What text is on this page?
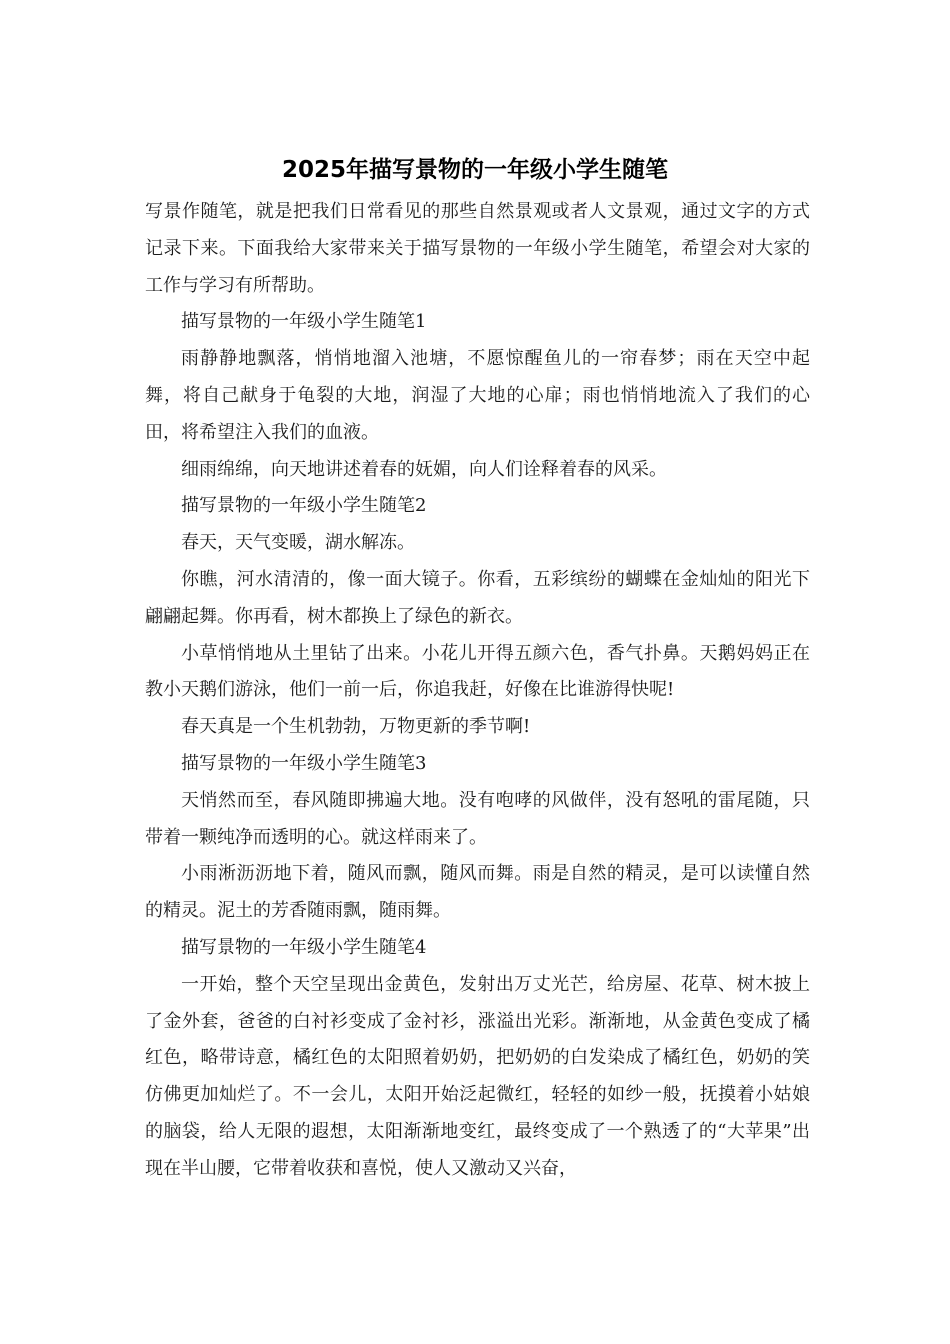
2025年描写景物的一年级小学生随笔

写景作随笔，就是把我们日常看见的那些自然景观或者人文景观，通过文字的方式记录下来。下面我给大家带来关于描写景物的一年级小学生随笔，希望会对大家的工作与学习有所帮助。

描写景物的一年级小学生随笔1

雨静静地飘落，悄悄地溜入池塘，不愿惊醒鱼儿的一帘春梦；雨在天空中起舞，将自己献身于龟裂的大地，润湿了大地的心扉；雨也悄悄地流入了我们的心田，将希望注入我们的血液。

细雨绵绵，向天地讲述着春的妩媚，向人们诠释着春的风采。

描写景物的一年级小学生随笔2

春天，天气变暖，湖水解冻。

你瞧，河水清清的，像一面大镜子。你看，五彩缤纷的蝴蝶在金灿灿的阳光下翩翩起舞。你再看，树木都换上了绿色的新衣。

小草悄悄地从土里钻了出来。小花儿开得五颜六色，香气扑鼻。天鹅妈妈正在教小天鹅们游泳，他们一前一后，你追我赶，好像在比谁游得快呢!

春天真是一个生机勃勃，万物更新的季节啊!

描写景物的一年级小学生随笔3

天悄然而至，春风随即拂遍大地。没有咆哮的风做伴，没有怒吼的雷尾随，只带着一颗纯净而透明的心。就这样雨来了。

小雨淅沥沥地下着，随风而飘，随风而舞。雨是自然的精灵，是可以读懂自然的精灵。泥土的芳香随雨飘，随雨舞。

描写景物的一年级小学生随笔4

一开始，整个天空呈现出金黄色，发射出万丈光芒，给房屋、花草、树木披上了金外套，爸爸的白衬衫变成了金衬衫，涨溢出光彩。渐渐地，从金黄色变成了橘红色，略带诗意，橘红色的太阳照着奶奶，把奶奶的白发染成了橘红色，奶奶的笑仿佛更加灿烂了。不一会儿，太阳开始泛起微红，轻轻的如纱一般，抚摸着小姑娘的脑袋，给人无限的遐想，太阳渐渐地变红，最终变成了一个熟透了的“大苹果”出现在半山腰，它带着收获和喜悦，使人又激动又兴奋，
